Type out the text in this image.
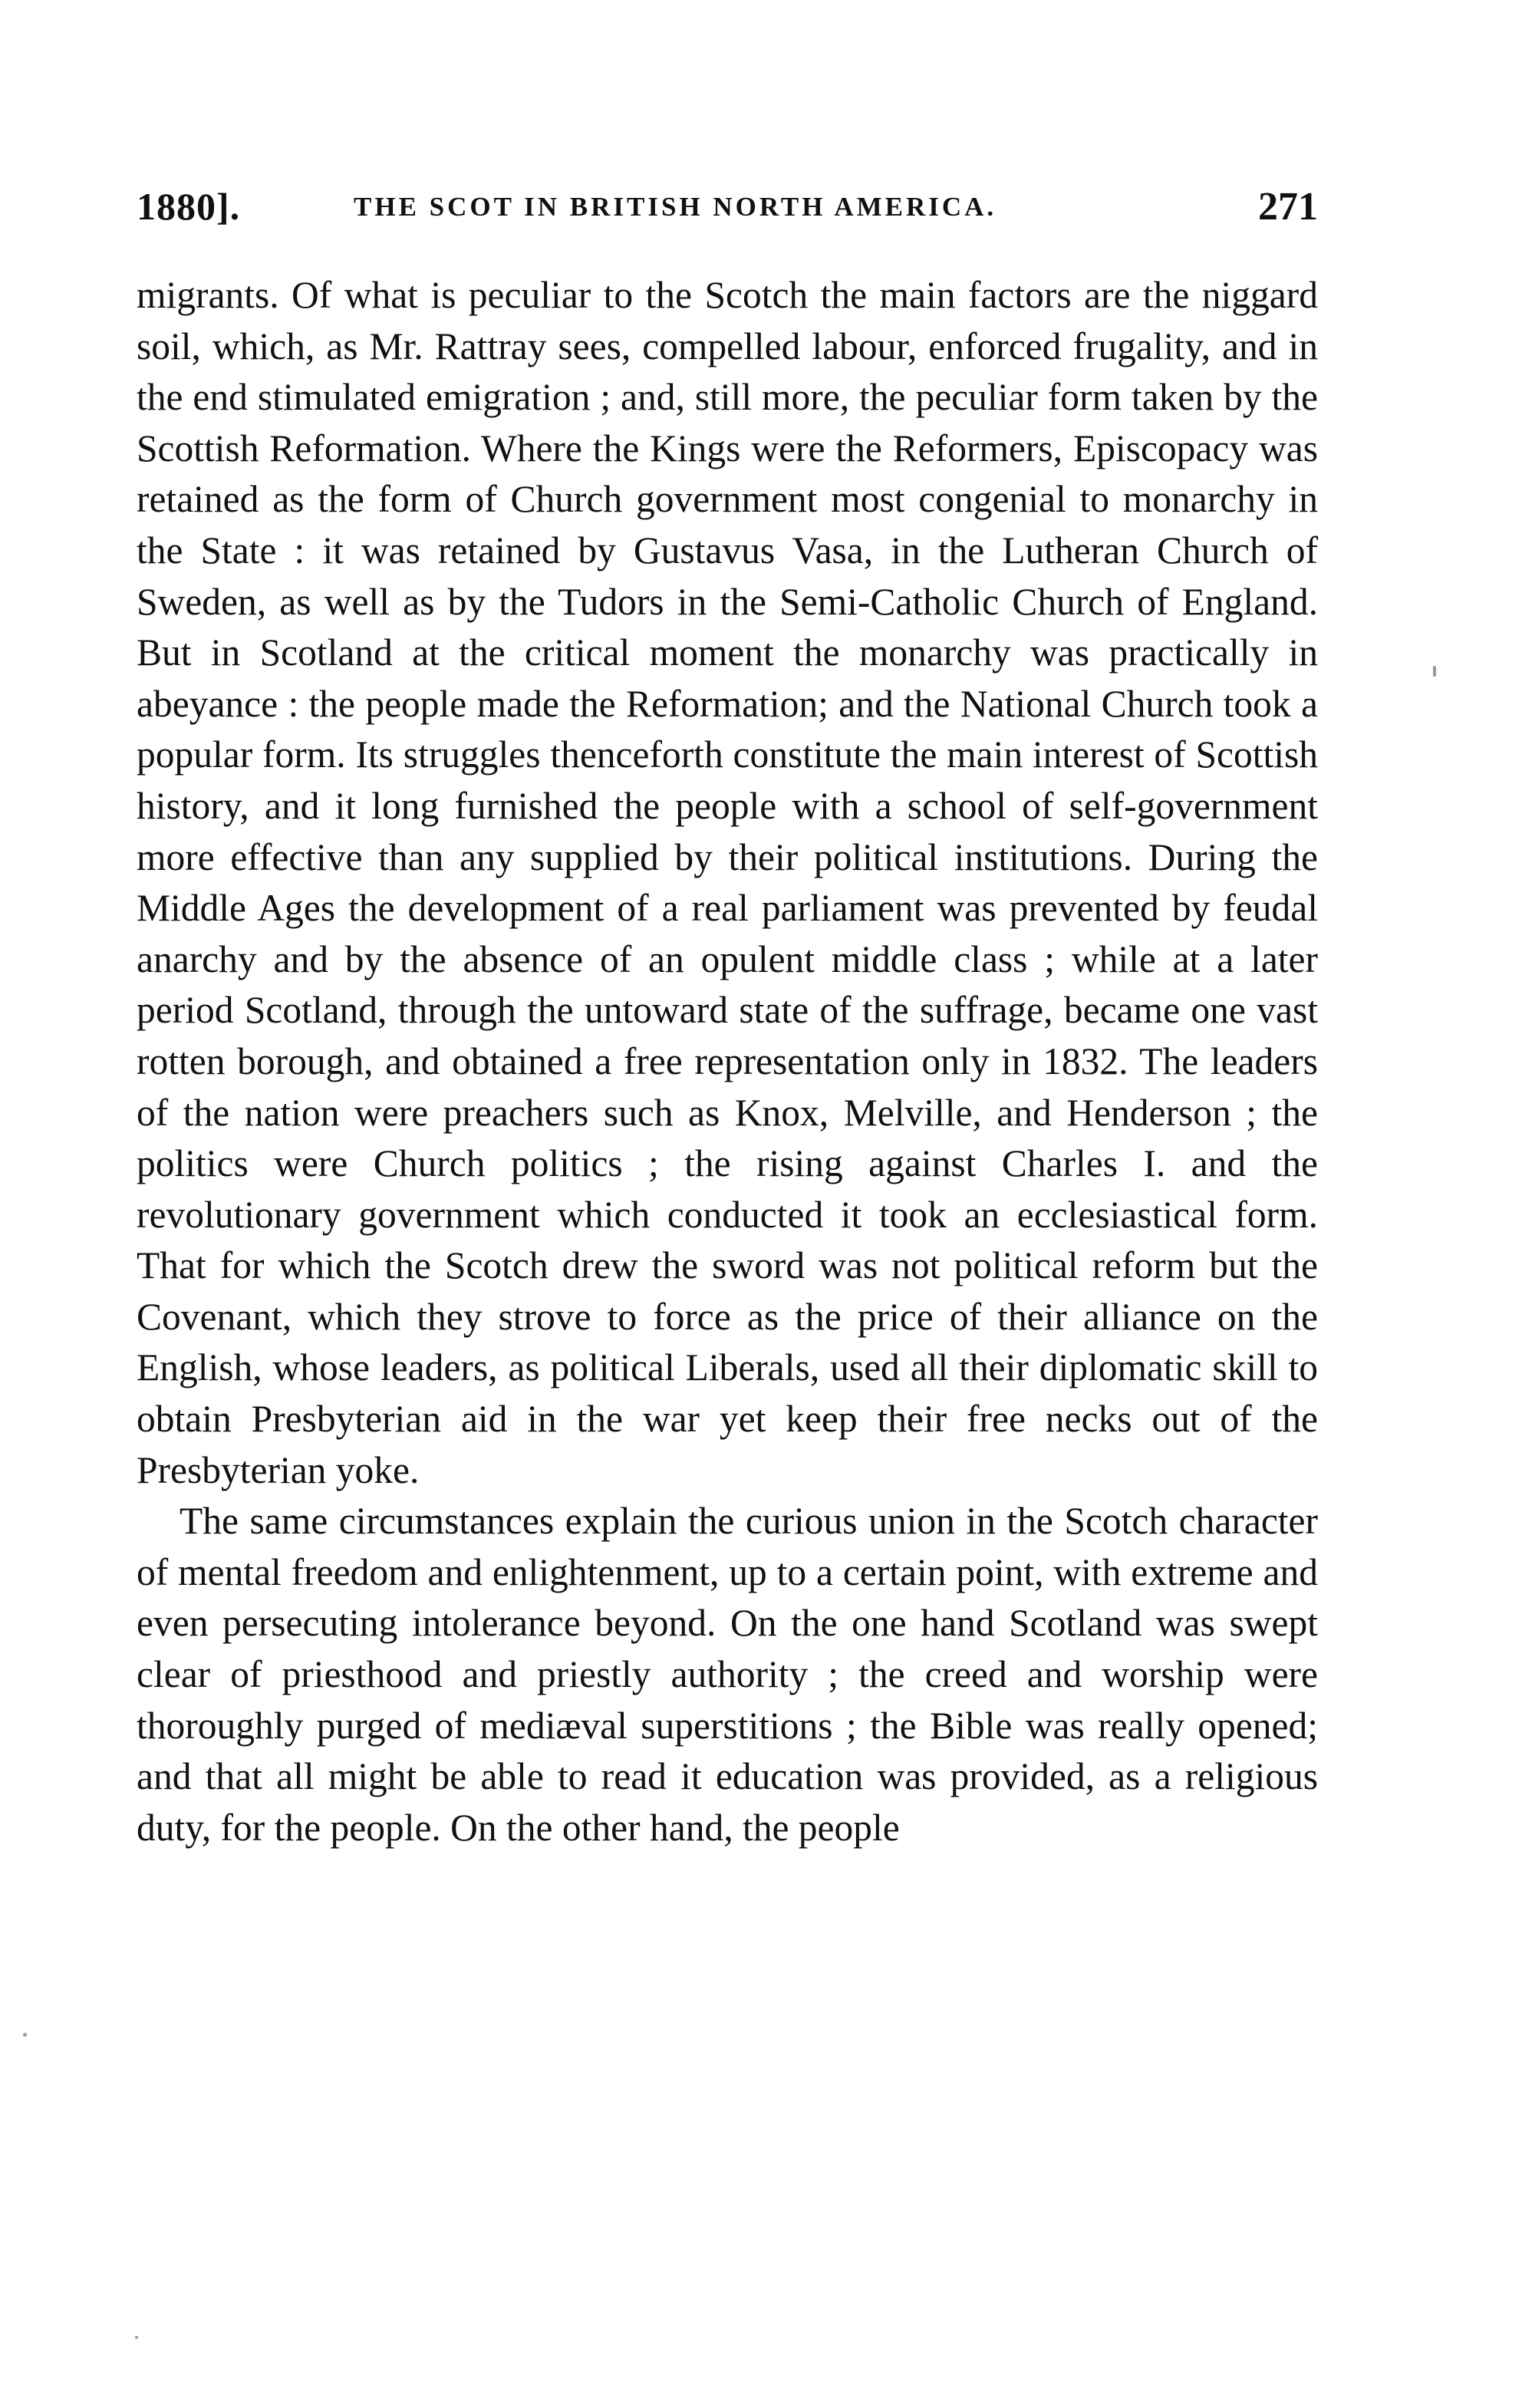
1880].	THE SCOT IN BRITISH NORTH AMERICA.	271

migrants. Of what is peculiar to the Scotch the main factors are the niggard soil, which, as Mr. Rattray sees, compelled labour, enforced frugality, and in the end stimulated emigration ; and, still more, the peculiar form taken by the Scottish Reformation. Where the Kings were the Reformers, Episcopacy was retained as the form of Church government most congenial to monarchy in the State : it was retained by Gustavus Vasa, in the Lutheran Church of Sweden, as well as by the Tudors in the Semi-Catholic Church of England. But in Scotland at the critical moment the monarchy was practically in abeyance : the people made the Reformation; and the National Church took a popular form. Its struggles thenceforth constitute the main interest of Scottish history, and it long furnished the people with a school of self-government more effective than any supplied by their political institutions. During the Middle Ages the development of a real parliament was prevented by feudal anarchy and by the absence of an opulent middle class ; while at a later period Scotland, through the untoward state of the suffrage, became one vast rotten borough, and obtained a free representation only in 1832. The leaders of the nation were preachers such as Knox, Melville, and Henderson ; the politics were Church politics ; the rising against Charles I. and the revolutionary government which conducted it took an ecclesiastical form. That for which the Scotch drew the sword was not political reform but the Covenant, which they strove to force as the price of their alliance on the English, whose leaders, as political Liberals, used all their diplomatic skill to obtain Presbyterian aid in the war yet keep their free necks out of the Presbyterian yoke.

The same circumstances explain the curious union in the Scotch character of mental freedom and enlightenment, up to a certain point, with extreme and even persecuting intolerance beyond. On the one hand Scotland was swept clear of priesthood and priestly authority ; the creed and worship were thoroughly purged of mediæval superstitions ; the Bible was really opened; and that all might be able to read it education was provided, as a religious duty, for the people. On the other hand, the people
